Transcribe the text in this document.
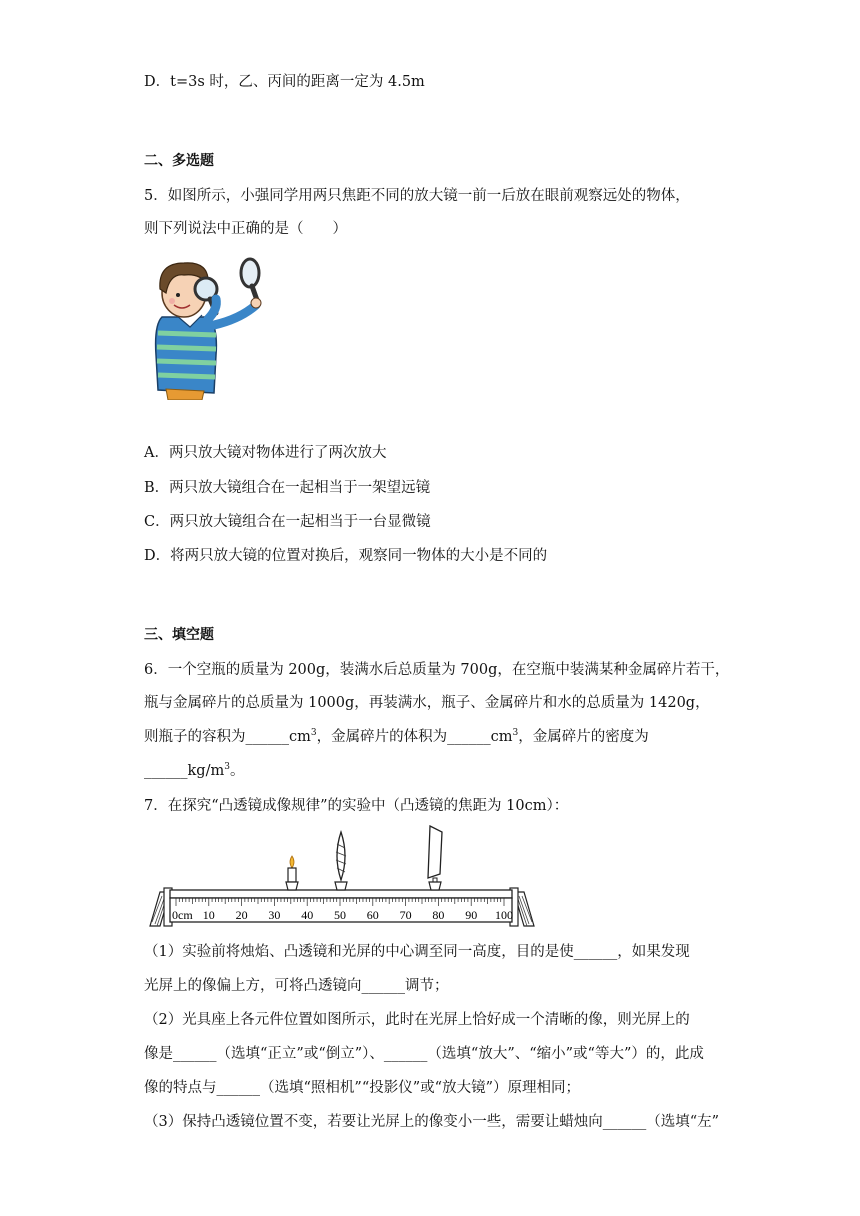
D．t=3s 时，乙、丙间的距离一定为 4.5m
二、多选题
5．如图所示，小强同学用两只焦距不同的放大镜一前一后放在眼前观察远处的物体，
则下列说法中正确的是（　　）
A．两只放大镜对物体进行了两次放大
B．两只放大镜组合在一起相当于一架望远镜
C．两只放大镜组合在一起相当于一台显微镜
D．将两只放大镜的位置对换后，观察同一物体的大小是不同的
三、填空题
6．一个空瓶的质量为 200g，装满水后总质量为 700g，在空瓶中装满某种金属碎片若干，
瓶与金属碎片的总质量为 1000g，再装满水，瓶子、金属碎片和水的总质量为 1420g，
则瓶子的容积为$\_\_\_\_\_\_cm^3$，金属碎片的体积为$\_\_\_\_\_\_cm^3$，金属碎片的密度为
$\_\_\_\_\_\_kg/m^3$。
7．在探究“凸透镜成像规律”的实验中（凸透镜的焦距为 10cm）：
0cm 10 20 30 40 50 60 70 80 90 100
（1）实验前将烛焰、凸透镜和光屏的中心调至同一高度，目的是使______，如果发现
光屏上的像偏上方，可将凸透镜向______调节；
（2）光具座上各元件位置如图所示，此时在光屏上恰好成一个清晰的像，则光屏上的
像是______（选填“正立”或“倒立”）、______（选填“放大”、“缩小”或“等大”）的，此成
像的特点与______（选填“照相机”“投影仪”或“放大镜”）原理相同；
（3）保持凸透镜位置不变，若要让光屏上的像变小一些，需要让蜡烛向______（选填“左”
